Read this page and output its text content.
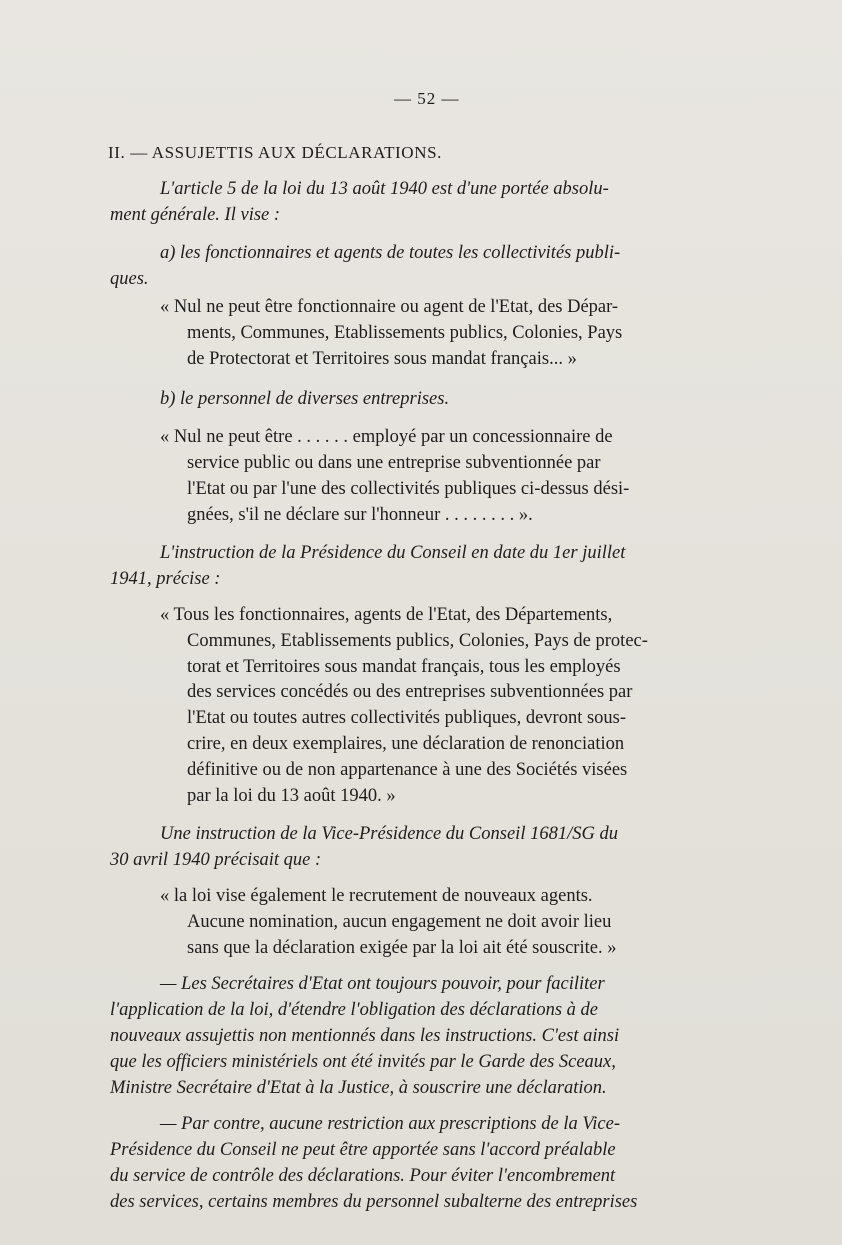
— 52 —
II. — ASSUJETTIS AUX DÉCLARATIONS.
L'article 5 de la loi du 13 août 1940 est d'une portée absolu-
ment générale. Il vise :
a) les fonctionnaires et agents de toutes les collectivités publi-
ques.
« Nul ne peut être fonctionnaire ou agent de l'Etat, des Dépar-
ments, Communes, Etablissements publics, Colonies, Pays
de Protectorat et Territoires sous mandat français... »
b) le personnel de diverses entreprises.
« Nul ne peut être . . . . . . employé par un concessionnaire de
service public ou dans une entreprise subventionnée par
l'Etat ou par l'une des collectivités publiques ci-dessus dési-
gnées, s'il ne déclare sur l'honneur . . . . . . . . ».
L'instruction de la Présidence du Conseil en date du 1er juillet
1941, précise :
« Tous les fonctionnaires, agents de l'Etat, des Départements,
Communes, Etablissements publics, Colonies, Pays de protec-
torat et Territoires sous mandat français, tous les employés
des services concédés ou des entreprises subventionnées par
l'Etat ou toutes autres collectivités publiques, devront sous-
crire, en deux exemplaires, une déclaration de renonciation
définitive ou de non appartenance à une des Sociétés visées
par la loi du 13 août 1940. »
Une instruction de la Vice-Présidence du Conseil 1681/SG du
30 avril 1940 précisait que :
« la loi vise également le recrutement de nouveaux agents.
Aucune nomination, aucun engagement ne doit avoir lieu
sans que la déclaration exigée par la loi ait été souscrite. »
— Les Secrétaires d'Etat ont toujours pouvoir, pour faciliter
l'application de la loi, d'étendre l'obligation des déclarations à de
nouveaux assujettis non mentionnés dans les instructions. C'est ainsi
que les officiers ministériels ont été invités par le Garde des Sceaux,
Ministre Secrétaire d'Etat à la Justice, à souscrire une déclaration.
— Par contre, aucune restriction aux prescriptions de la Vice-
Présidence du Conseil ne peut être apportée sans l'accord préalable
du service de contrôle des déclarations. Pour éviter l'encombrement
des services, certains membres du personnel subalterne des entreprises
